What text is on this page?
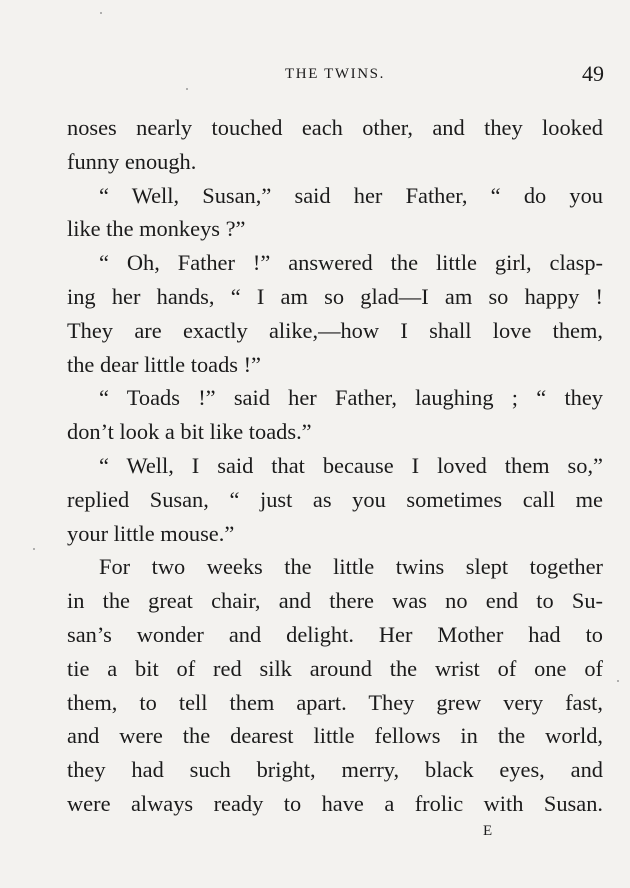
THE TWINS.	49
noses nearly touched each other, and they looked
funny enough.
“ Well, Susan,” said her Father, “ do you
like the monkeys ?”
“ Oh, Father !” answered the little girl, clasp-
ing her hands, “ I am so glad—I am so happy !
They are exactly alike,—how I shall love them,
the dear little toads !”
“ Toads !” said her Father, laughing ; “ they
don’t look a bit like toads.”
“ Well, I said that because I loved them so,”
replied Susan, “ just as you sometimes call me
your little mouse.”
For two weeks the little twins slept together
in the great chair, and there was no end to Su-
san’s wonder and delight. Her Mother had to
tie a bit of red silk around the wrist of one of
them, to tell them apart. They grew very fast,
and were the dearest little fellows in the world,
they had such bright, merry, black eyes, and
were always ready to have a frolic with Susan.
E
